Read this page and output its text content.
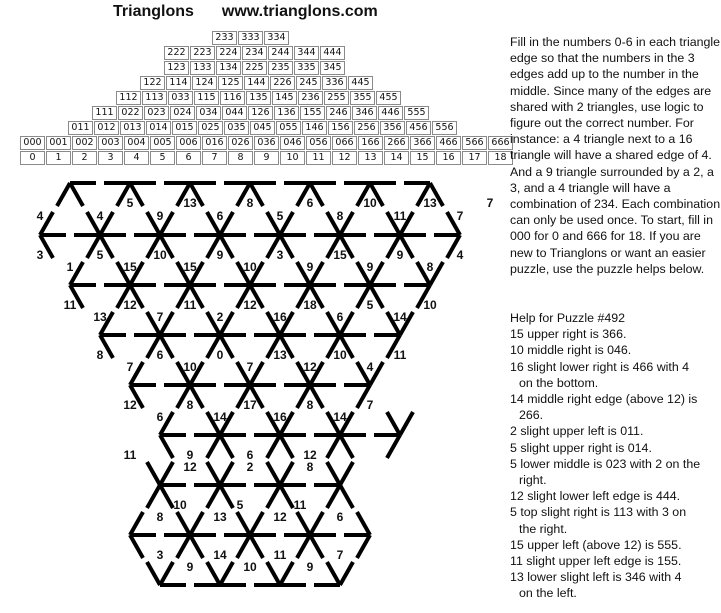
Trianglons www.trianglons.com
233 333 334
222 223 224 234 244 344 444
123 133 134 225 235 335 345
122 114 124 125 144 226 245 336 445
112 113 033 115 116 135 145 236 255 355 455
111 022 023 024 034 044 126 136 155 246 346 446 555
011 012 013 014 015 025 035 045 055 146 156 256 356 456 556
000 001 002 003 004 005 006 016 026 036 046 056 066 166 266 366 466 566 666
0	1	2	3	4	5	6	7	8	9	10	11	12	13	14	15	16	17	18
5	13	8	6	10	13	7
4	4	9	6	5	8	11	7
3	5	10	9	3	15	9	4
1	15	15	10	9	9	8
11	12	11	12	18	5	10
13	7	2	16	6	14
8	6	0	13	10	11
7	10	7	12	4
12	8	17	8	7
6	14	16	14
11	9	6	12
12	2	8
10	5	11
8	13	12	6
3	14	11	7
9	10	9
Fill in the numbers 0-6 in each triangle edge so that the numbers in the 3 edges add up to the number in the middle. Since many of the edges are shared with 2 triangles, use logic to figure out the correct number. For instance: a 4 triangle next to a 16 triangle will have a shared edge of 4. And a 9 triangle surrounded by a 2, a 3, and a 4 triangle will have a combination of 234. Each combination can only be used once. To start, fill in 000 for 0 and 666 for 18. If you are new to Trianglons or want an easier puzzle, use the puzzle helps below.
Help for Puzzle #492
15 upper right is 366.
10 middle right is 046.
16 slight lower right is 466 with 4
on the bottom.
14 middle right edge (above 12) is
266.
2 slight upper left is 011.
5 slight upper right is 014.
5 lower middle is 023 with 2 on the
right.
12 slight lower left edge is 444.
5 top slight right is 113 with 3 on
the right.
15 upper left (above 12) is 555.
11 slight upper left edge is 155.
13 lower slight left is 346 with 4
on the left.
